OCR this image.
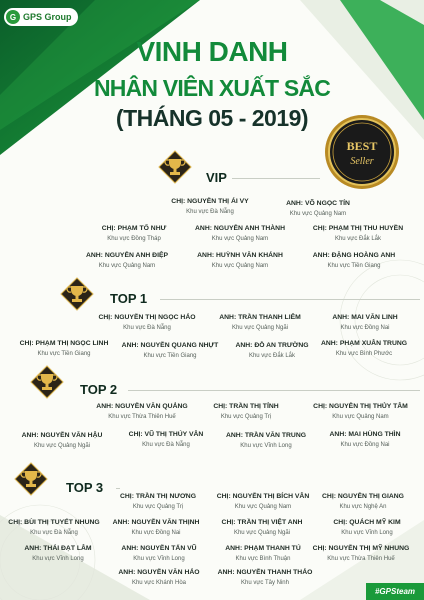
G GPS Group
VINH DANH
NHÂN VIÊN XUẤT SẮC
(THÁNG 05 - 2019)
BEST
Seller
VIP
CHỊ: NGUYỄN THỊ ÁI VY
Khu vực Đà Nẵng
ANH: VÕ NGỌC TÍN
Khu vực Quảng Nam
CHỊ: PHẠM TỐ NHƯ
Khu vực Đồng Tháp
ANH: NGUYỄN ANH THÀNH
Khu vực Quảng Nam
CHỊ: PHẠM THỊ THU HUYỀN
Khu vực Đắk Lắk
ANH: NGUYỄN ANH ĐIỆP
Khu vực Quảng Nam
ANH: HUỲNH VĂN KHÁNH
Khu vực Quảng Nam
ANH: ĐẶNG HOÀNG ANH
Khu vực Tiền Giang
TOP 1
CHỊ: NGUYỄN THỊ NGỌC HẢO
Khu vực Đà Nẵng
ANH: TRẦN THANH LIÊM
Khu vực Quảng Ngãi
ANH: MAI VĂN LINH
Khu vực Đồng Nai
CHỊ: PHẠM THỊ NGỌC LINH
Khu vực Tiền Giang
ANH: NGUYỄN QUANG NHỰT
Khu vực Tiền Giang
ANH: ĐỖ AN TRƯỜNG
Khu vực Đắk Lắk
ANH: PHẠM XUÂN TRUNG
Khu vực Bình Phước
TOP 2
ANH: NGUYỄN VĂN QUẢNG
Khu vực Thừa Thiên Huế
CHỊ: TRẦN THỊ TỈNH
Khu vực Quảng Trị
CHỊ: NGUYỄN THỊ THỦY TÂM
Khu vực Quảng Nam
ANH: NGUYỄN VĂN HẬU
Khu vực Quảng Ngãi
CHỊ: VŨ THỊ THÚY VÂN
Khu vực Đà Nẵng
ANH: TRẦN VĂN TRUNG
Khu vực Vĩnh Long
ANH: MAI HÙNG THÌN
Khu vực Đồng Nai
TOP 3
CHỊ: TRẦN THỊ NƯƠNG
Khu vực Quảng Trị
CHỊ: NGUYỄN THỊ BÍCH VÂN
Khu vực Quảng Nam
CHỊ: NGUYỄN THỊ GIANG
Khu vực Nghệ An
CHỊ: BÙI THỊ TUYẾT NHUNG
Khu vực Đà Nẵng
ANH: NGUYỄN VĂN THỊNH
Khu vực Đồng Nai
CHỊ: TRẦN THỊ VIỆT ANH
Khu vực Quảng Ngãi
CHỊ: QUÁCH MỸ KIM
Khu vực Vĩnh Long
ANH: THÁI ĐẠT LÂM
Khu vực Vĩnh Long
ANH: NGUYỄN TẤN VŨ
Khu vực Vĩnh Long
ANH: PHẠM THANH TÚ
Khu vực Bình Thuận
CHỊ: NGUYỄN THỊ MỸ NHUNG
Khu vực Thừa Thiên Huế
ANH: NGUYỄN VĂN HẢO
Khu vực Khánh Hòa
ANH: NGUYỄN THANH THẢO
Khu vực Tây Ninh
#GPSteam
